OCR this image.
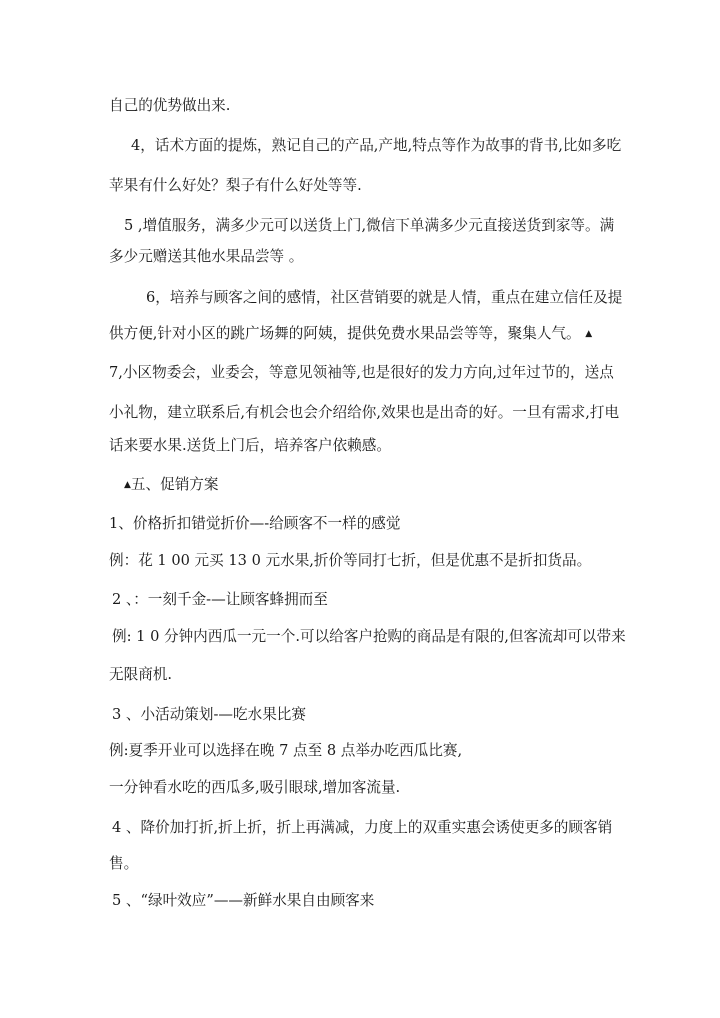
自己的优势做出来.

4，话术方面的提炼，熟记自己的产品,产地,特点等作为故事的背书,比如多吃

苹果有什么好处？梨子有什么好处等等.

5 ,增值服务，满多少元可以送货上门,微信下单满多少元直接送货到家等。满

多少元赠送其他水果品尝等 。

6，培养与顾客之间的感情，社区营销要的就是人情，重点在建立信任及提

供方便,针对小区的跳广场舞的阿姨，提供免费水果品尝等等，聚集人气。 ▲

7,小区物委会，业委会，等意见领袖等,也是很好的发力方向,过年过节的，送点

小礼物，建立联系后,有机会也会介绍给你,效果也是出奇的好。一旦有需求,打电

话来要水果.送货上门后，培养客户依赖感。

▲五、促销方案

1、价格折扣错觉折价—-给顾客不一样的感觉

例：花 1 00 元买 13 0 元水果,折价等同打七折，但是优惠不是折扣货品。

2 、：一刻千金-—让顾客蜂拥而至

例: 1 0 分钟内西瓜一元一个.可以给客户抢购的商品是有限的,但客流却可以带来

无限商机.

3 、小活动策划-—吃水果比赛

例:夏季开业可以选择在晚 7 点至 8 点举办吃西瓜比赛,

一分钟看水吃的西瓜多,吸引眼球,增加客流量.

4 、降价加打折,折上折，折上再满减，力度上的双重实惠会诱使更多的顾客销

售。

5 、“绿叶效应”——新鲜水果自由顾客来
